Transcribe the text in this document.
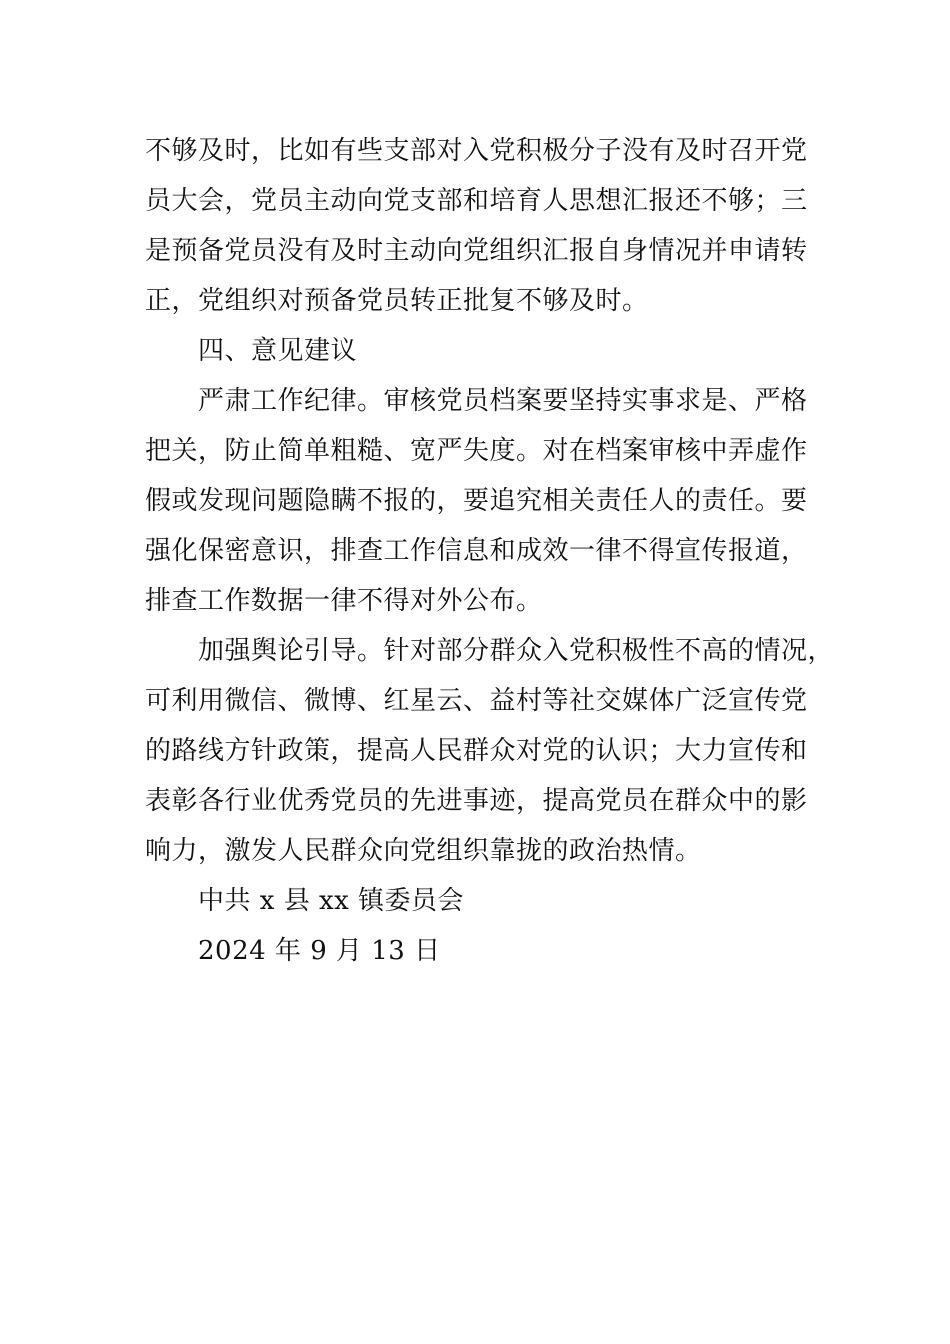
不够及时，比如有些支部对入党积极分子没有及时召开党
员大会，党员主动向党支部和培育人思想汇报还不够；三
是预备党员没有及时主动向党组织汇报自身情况并申请转
正，党组织对预备党员转正批复不够及时。
四、意见建议
严肃工作纪律。审核党员档案要坚持实事求是、严格
把关，防止简单粗糙、宽严失度。对在档案审核中弄虚作
假或发现问题隐瞒不报的，要追究相关责任人的责任。要
强化保密意识，排查工作信息和成效一律不得宣传报道，
排查工作数据一律不得对外公布。
加强舆论引导。针对部分群众入党积极性不高的情况，
可利用微信、微博、红星云、益村等社交媒体广泛宣传党
的路线方针政策，提高人民群众对党的认识；大力宣传和
表彰各行业优秀党员的先进事迹，提高党员在群众中的影
响力，激发人民群众向党组织靠拢的政治热情。
中共 x 县 xx 镇委员会
2024 年 9 月 13 日
